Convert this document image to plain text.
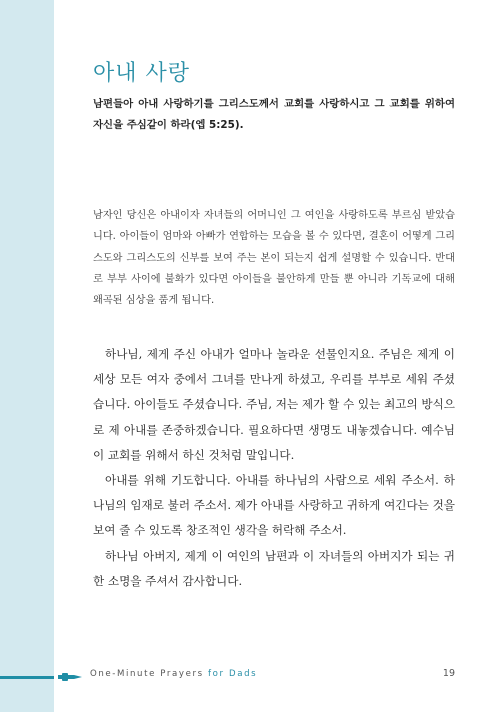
아내 사랑

남편들아 아내 사랑하기를 그리스도께서 교회를 사랑하시고 그 교회를 위하여 자신을 주심같이 하라(엡 5:25).

남자인 당신은 아내이자 자녀들의 어머니인 그 여인을 사랑하도록 부르심 받았습니다. 아이들이 엄마와 아빠가 연합하는 모습을 볼 수 있다면, 결혼이 어떻게 그리스도와 그리스도의 신부를 보여 주는 본이 되는지 쉽게 설명할 수 있습니다. 반대로 부부 사이에 불화가 있다면 아이들을 불안하게 만들 뿐 아니라 기독교에 대해 왜곡된 심상을 품게 됩니다.

하나님, 제게 주신 아내가 얼마나 놀라운 선물인지요. 주님은 제게 이 세상 모든 여자 중에서 그녀를 만나게 하셨고, 우리를 부부로 세워 주셨습니다. 아이들도 주셨습니다. 주님, 저는 제가 할 수 있는 최고의 방식으로 제 아내를 존중하겠습니다. 필요하다면 생명도 내놓겠습니다. 예수님이 교회를 위해서 하신 것처럼 말입니다.

아내를 위해 기도합니다. 아내를 하나님의 사람으로 세워 주소서. 하나님의 임재로 불러 주소서. 제가 아내를 사랑하고 귀하게 여긴다는 것을 보여 줄 수 있도록 창조적인 생각을 허락해 주소서.

하나님 아버지, 제게 이 여인의 남편과 이 자녀들의 아버지가 되는 귀한 소명을 주셔서 감사합니다.

One-Minute Prayers for Dads	19
